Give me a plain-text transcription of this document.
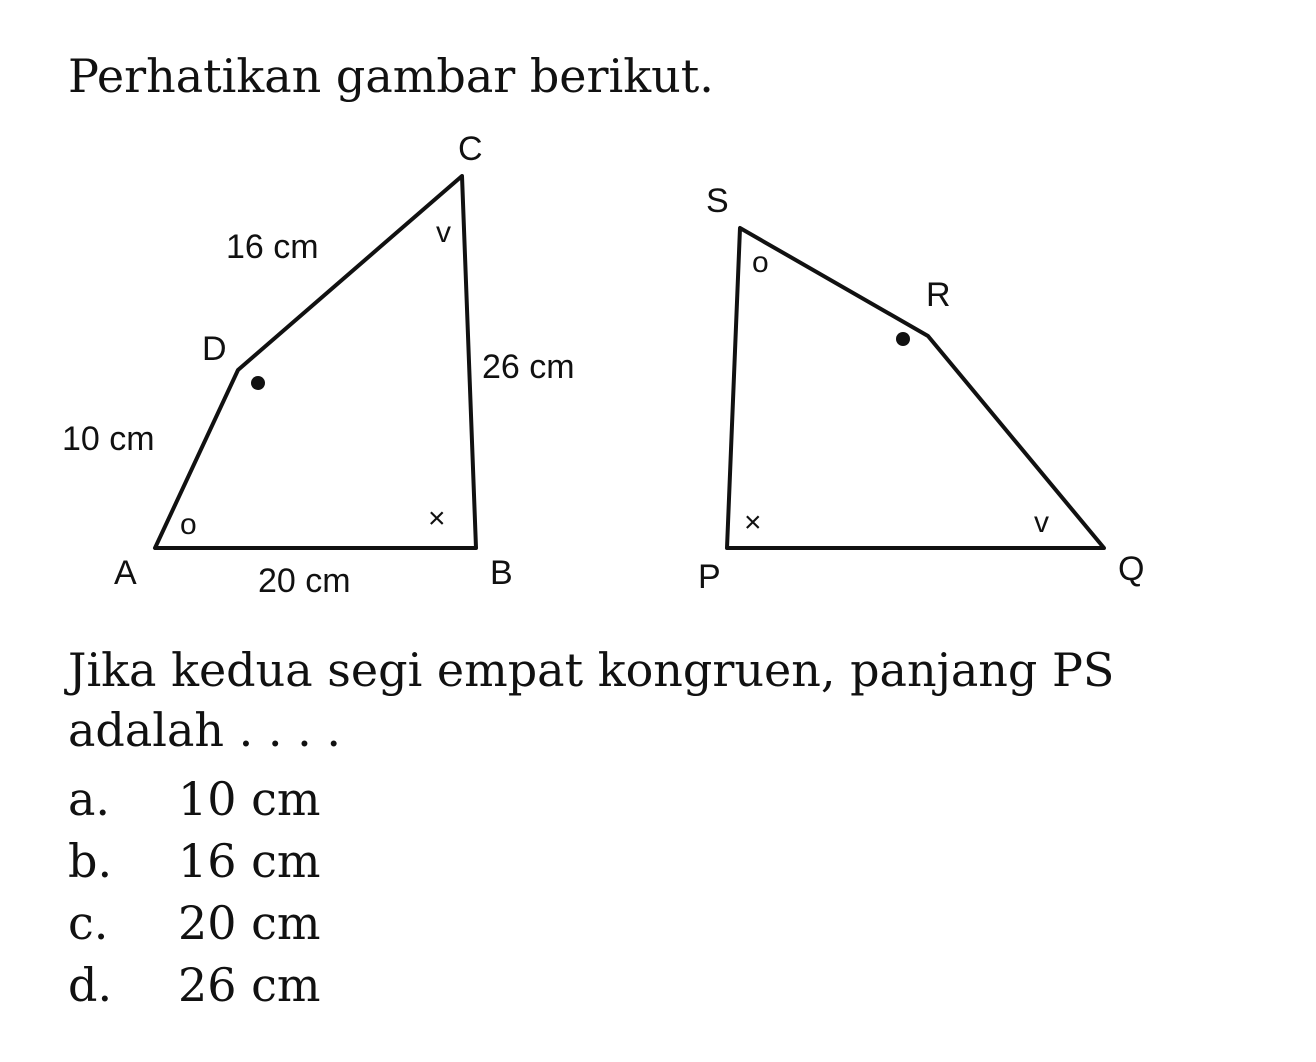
Perhatikan gambar berikut.

C
D
A	B
16 cm
26 cm
10 cm
20 cm
v
o	×
S
R
P	Q
o
×	v

Jika kedua segi empat kongruen, panjang PS adalah . . . .

a.	10 cm
b.	16 cm
c.	20 cm
d.	26 cm
